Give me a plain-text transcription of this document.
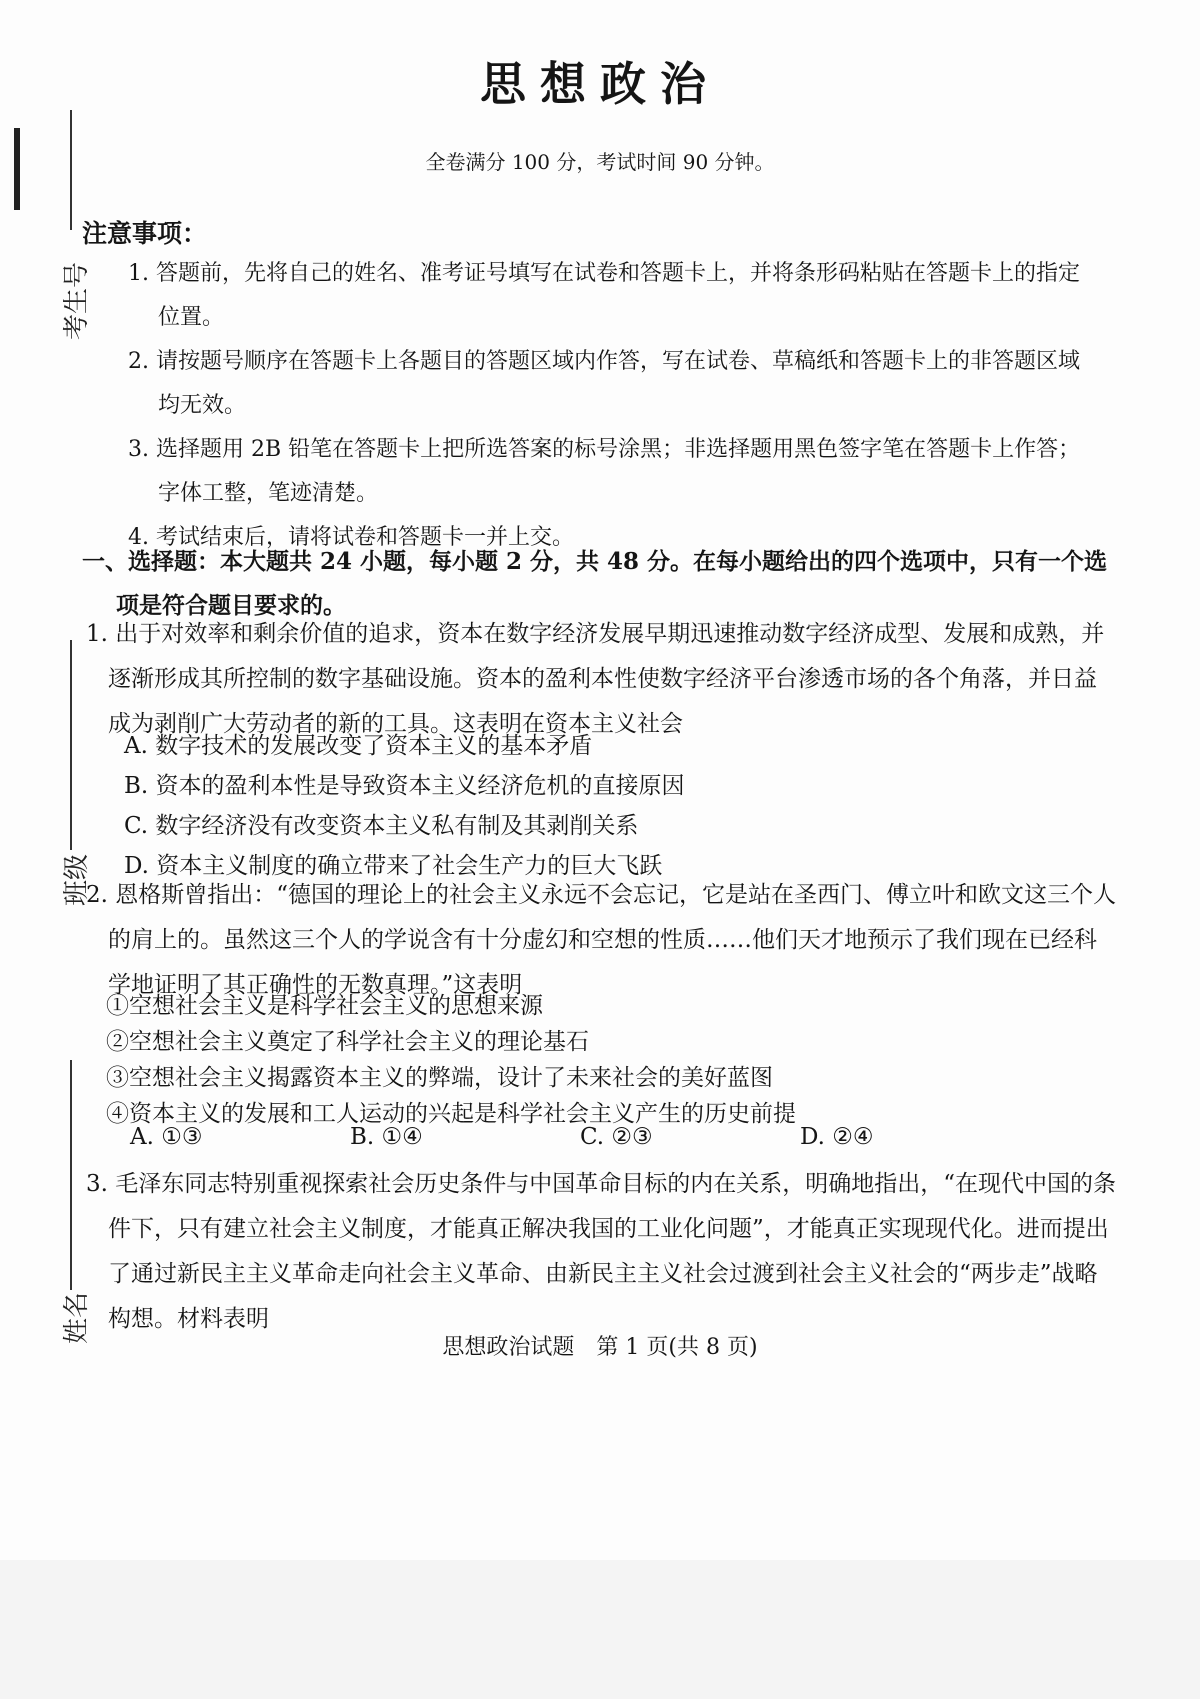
考生号
班级
姓名
思想政治
全卷满分 100 分，考试时间 90 分钟。
注意事项：

1. 答题前，先将自己的姓名、准考证号填写在试卷和答题卡上，并将条形码粘贴在答题卡上的指定位置。

2. 请按题号顺序在答题卡上各题目的答题区域内作答，写在试卷、草稿纸和答题卡上的非答题区域均无效。

3. 选择题用 2B 铅笔在答题卡上把所选答案的标号涂黑；非选择题用黑色签字笔在答题卡上作答；字体工整，笔迹清楚。

4. 考试结束后，请将试卷和答题卡一并上交。

一、选择题：本大题共 24 小题，每小题 2 分，共 48 分。在每小题给出的四个选项中，只有一个选项是符合题目要求的。
1. 出于对效率和剩余价值的追求，资本在数字经济发展早期迅速推动数字经济成型、发展和成熟，并逐渐形成其所控制的数字基础设施。资本的盈利本性使数字经济平台渗透市场的各个角落，并日益成为剥削广大劳动者的新的工具。这表明在资本主义社会
A. 数字技术的发展改变了资本主义的基本矛盾
B. 资本的盈利本性是导致资本主义经济危机的直接原因
C. 数字经济没有改变资本主义私有制及其剥削关系
D. 资本主义制度的确立带来了社会生产力的巨大飞跃
2. 恩格斯曾指出：“德国的理论上的社会主义永远不会忘记，它是站在圣西门、傅立叶和欧文这三个人的肩上的。虽然这三个人的学说含有十分虚幻和空想的性质……他们天才地预示了我们现在已经科学地证明了其正确性的无数真理。”这表明
①空想社会主义是科学社会主义的思想来源
②空想社会主义奠定了科学社会主义的理论基石
③空想社会主义揭露资本主义的弊端，设计了未来社会的美好蓝图
④资本主义的发展和工人运动的兴起是科学社会主义产生的历史前提
A. ①③	B. ①④	C. ②③	D. ②④
3. 毛泽东同志特别重视探索社会历史条件与中国革命目标的内在关系，明确地指出，“在现代中国的条件下，只有建立社会主义制度，才能真正解决我国的工业化问题”，才能真正实现现代化。进而提出了通过新民主主义革命走向社会主义革命、由新民主主义社会过渡到社会主义社会的“两步走”战略构想。材料表明
思想政治试题　第 1 页(共 8 页)
